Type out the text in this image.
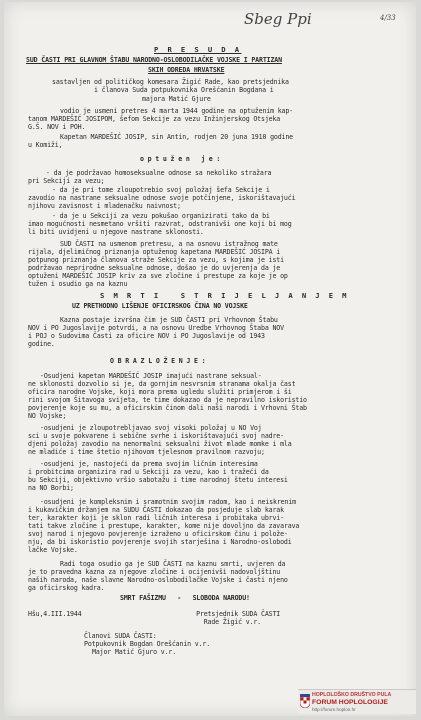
Sbeg Ppi	4/33
P R E S U D A
SUD ČASTI PRI GLAVNOM ŠTABU NARODNO-OSLOBODILAČKE VOJSKE I PARTIZAN
SKIH ODREDA HRVATSKE
sastavljen od političkog komesara Žigić Rade, kao pretsjednika
i članova Suda potpukovnika Orešćanin Bogdana i
majora Matić Gjure
vodio je usmeni pretres 4 marta 1944 godine na optuženim kap-
tanom MARDEŠIĆ JOSIPOM, šefom Sekcije za vezu Inžinjerskog Otsjeka
G.Š. NOV i POH.
Kapetan MARDEŠIĆ JOSIP, sin Antin, rodjen 20 juna 1910 godine
u Komiži,
o p t u ž e n   j e :
- da je podržavao homoseksualne odnose sa nekoliko stražara
pri Sekciji za vezu;
- da je pri tome zloupotrebio svoj položaj šefa Sekcije i
zavodio na nastrane seksualne odnose svoje potčinjene, iskorištavajući
njihovu zavisnost i mladenačku naivnost;
- da je u Sekciji za vezu pokušao organizirati tako da bi
imao mogućnosti nesmetano vršiti razvrat, odstranivši one koji bi mog
li biti uvidjeni u njegove nastrane sklonosti.
SUD ČASTI na usmenom pretresu, a na osnovu istražnog mate
rijala, djelimičnog priznanja optuženog kapetana MARDEŠIĆ JOSIPA i
potpunog priznanja članova straže Sekcije za vezu, s kojima je isti
podržavao neprirodne seksualne odnose, došao je do uvjerenja da je
optuženi MARDEŠIĆ JOSIP kriv za sve zločine i prestupe za koje je op
tužen i osudio ga na kaznu
S M R T I   S T R I J E L J A N J E M
UZ PRETHODNO LIŠENJE OFICIRSKOG ČINA NO VOJSKE
Kazna postaje izvršna čim je SUD ČASTI pri Vrhovnom Štabu
NOV i PO Jugoslavije potvrdi, a na osnovu Uredbe Vrhovnog Štaba NOV
i POJ o Sudovima Časti za oficire NOV i PO Jugoslavije od 1943
godine.
O B R A Z L O Ž E N J E :
-Osudjeni kapetan MARDEŠIĆ JOSIP imajući nastrane seksual-
ne sklonosti dozvolio si je, da gornjim nesvrsnim stranama okalja čast
oficira narodne Vojske, koji mora prema ugledu služiti primjerom i ši
rini svojom Šitavoga svijeta, te time dokazao da je nepravilno iskoristio
povjerenje koje su mu, a oficirskim činom dali naši narodi i Vrhovni Štab
NO Vojske;
-osudjeni je zloupotrebljavao svoj visoki položaj u NO Voj
sci u svoje pokvarene i sebične svrhe i iskorištavajući svoj nadre-
djeni položaj zavodio na nenormalni seksualni život mlade momke i mla
ne mladiće i time štetio njihovom tjelesnom pravilnom razvoju;
-osudjeni je, nastojeći da prema svojim ličnim interesima
i probitcima organizira rad u Sekciji za vezu, kao i tražeći da
bu Sekciji, objektivno vršio sabotažu i time narodnoj štetu interesi
na NO Borbi;
-osudjeni je kompleksnim i sramotnim svojim radom, kao i neiskrenim
i kukavičkim držanjem na SUDU ČASTI dokazao da posjeduje slab karak
ter, karakter koji je sklon radi ličnih interesa i probitaka ubrvi-
tati takve zločine i prestupe, karakter, kome nije dovoljno da zavarava
svoj narod i njegovo povjerenje izraženo u oficirskom činu i polože-
nju, da bi iskoristio povjerenje svojih starješina i Narodno-oslobodi
lačke Vojske.
Radi toga osudio ga je SUD ČASTI na kaznu smrti, uvjeren da
je to pravedna kazna za njegove zločine i ocijenivši nadovoljštinu
naših naroda, naše slavne Narodno-oslobodilačke Vojske i časti njeno
ga oficirskog kadra.
SMRT FAŠIZMU   -   SLOBODA NARODU!
Hšu,4.III.1944                              Pretsjednik SUDA ČASTI
Rade Žigić v.r.
Članovi SUDA ČASTI:
Potpukovnik Bogdan Orešćanin v.r.
Major Matić Gjuro v.r.
HOPLOLOŠKO DRUŠTVO PULA
FORUM HOPLOLOGIJE
http://forum.hoplon.hr
